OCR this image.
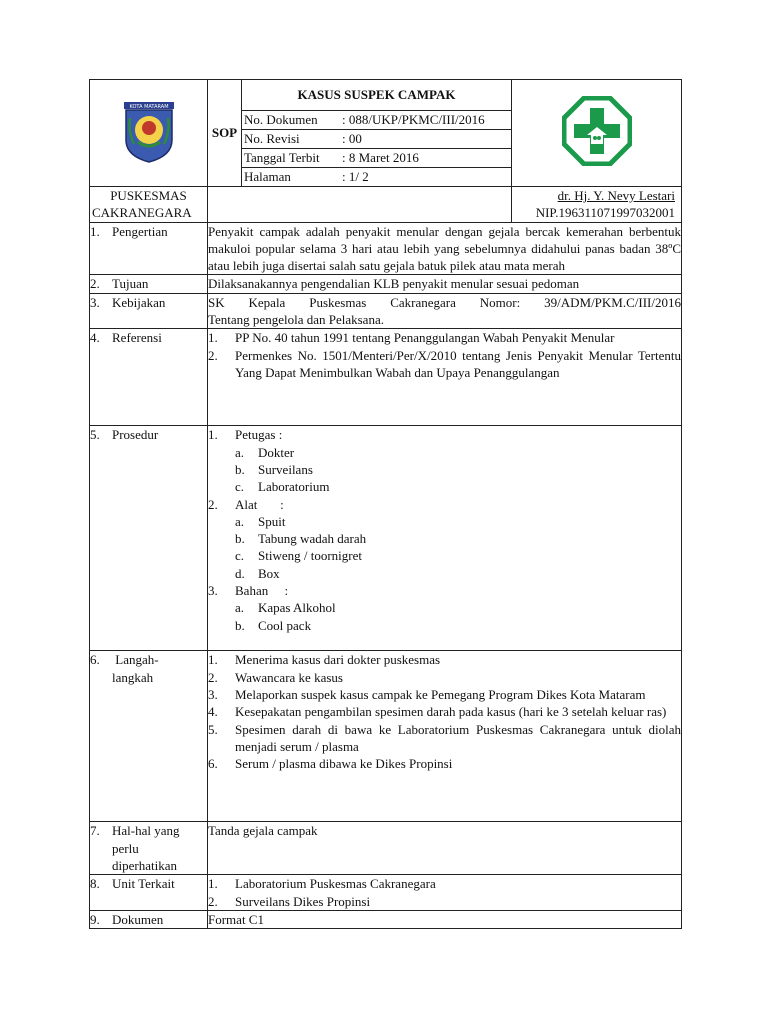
KOTA MATARAM
	SOP	
KASUS SUSPEK CAMPAK
No. Dokumen	: 088/UKP/PKMC/III/2016
No. Revisi	: 00
Tanggal Terbit	: 8 Maret 2016
Halaman	: 1/ 2

PUSKESMAS
CAKRANEGARA

dr. Hj. Y. Nevy Lestari
NIP.196311071997032001

1. Pengertian	Penyakit campak adalah penyakit menular dengan gejala bercak kemerahan berbentuk makuloi popular selama 3 hari atau lebih yang sebelumnya didahului panas badan 38ºC atau lebih juga disertai salah satu gejala batuk pilek atau mata merah
2. Tujuan	Dilaksanakannya pengendalian KLB penyakit menular sesuai pedoman
3. Kebijakan	SK Kepala Puskesmas Cakranegara Nomor: 39/ADM/PKM.C/III/2016
Tentang pengelola dan Pelaksana.

4. Referensi	1.	PP No. 40 tahun 1991 tentang Penanggulangan Wabah Penyakit Menular
2.	Permenkes No. 1501/Menteri/Per/X/2010 tentang Jenis Penyakit Menular Tertentu Yang Dapat Menimbulkan Wabah dan Upaya Penanggulangan

5. Prosedur	1.	Petugas :
a.	Dokter
b.	Surveilans
c.	Laboratorium
2.	Alat       :
a.	Spuit
b.	Tabung wadah darah
c.	Stiweng / toornigret
d.	Box
3.	Bahan     :
a.	Kapas Alkohol
b.	Cool pack

6. Langah-
langkah

1.	Menerima kasus dari dokter puskesmas
2.	Wawancara ke kasus
3.	Melaporkan suspek kasus campak ke Pemegang Program Dikes Kota Mataram
4.	Kesepakatan pengambilan spesimen darah pada kasus (hari ke 3 setelah keluar ras)
5.	Spesimen darah di bawa ke Laboratorium Puskesmas Cakranegara untuk diolah menjadi serum / plasma
6.	Serum / plasma dibawa ke Dikes Propinsi

7. Hal-hal yang
perlu
diperhatikan
	Tanda gejala campak
8. Unit Terkait	1.	Laboratorium Puskesmas Cakranegara
2.	Surveilans Dikes Propinsi

9. Dokumen	Format C1
